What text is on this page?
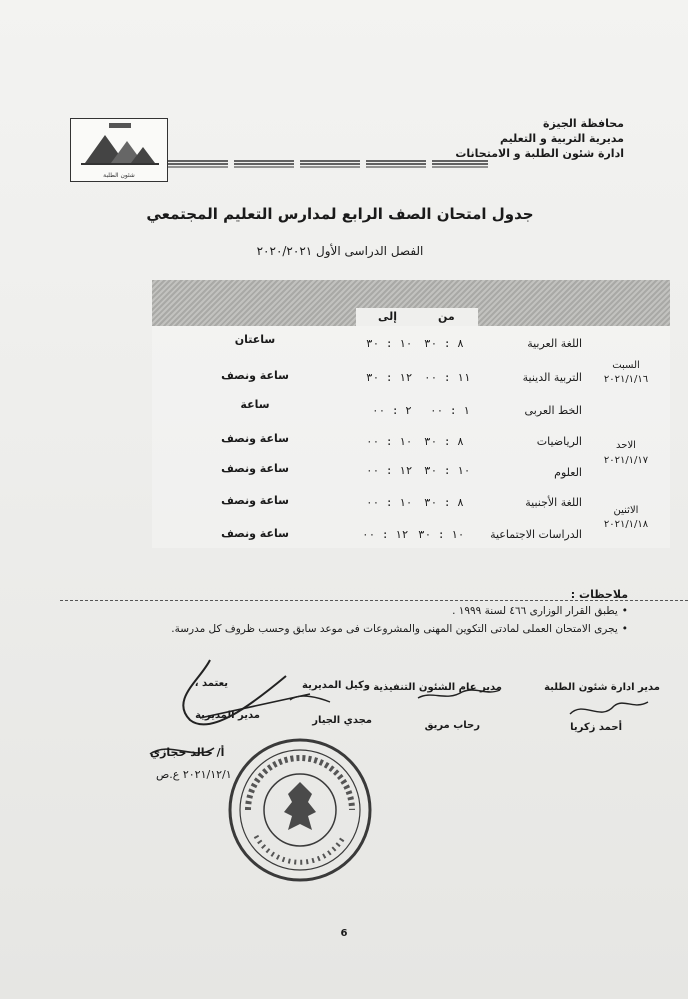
محافظة الجيزة
مديرية التربية و التعليم
ادارة شئون الطلبة و الامتحانات
شئون الطلبة
جدول امتحان الصف الرابع لمدارس التعليم المجتمعي
الفصل الدراسى الأول ٢٠٢٠/٢٠٢١
من
إلى
السبت
٢٠٢١/١/١٦
الاحد
٢٠٢١/١/١٧
الاثنين
٢٠٢١/١/١٨
اللغة العربية
٨ : ٣٠
١٠ : ٣٠
ساعتان
التربية الدينية
١١ : ٠٠
١٢ : ٣٠
ساعة ونصف
الخط العربى
١ : ٠٠
٢ : ٠٠
ساعة
الرياضيات
٨ : ٣٠
١٠ : ٠٠
ساعة ونصف
العلوم
١٠ : ٣٠
١٢ : ٠٠
ساعة ونصف
اللغة الأجنبية
٨ : ٣٠
١٠ : ٠٠
ساعة ونصف
الدراسات الاجتماعية
١٠ : ٣٠
١٢ : ٠٠
ساعة ونصف
ملاحظات :
•يطبق القرار الوزارى ٤٦٦ لسنة ١٩٩٩ .
•يجرى الامتحان العملى لمادتى التكوين المهنى والمشروعات فى موعد سابق وحسب ظروف كل مدرسة.
مدير ادارة شئون الطلبة
أحمد زكريا
مدير عام الشئون التنفيذية
رحاب مريق
وكيل المديرية
مجدي الجيار
يعتمد ،
مدير المديرية
أ/ خالد حجازي
٢٠٢١/١٢/١ ع.ص
6
